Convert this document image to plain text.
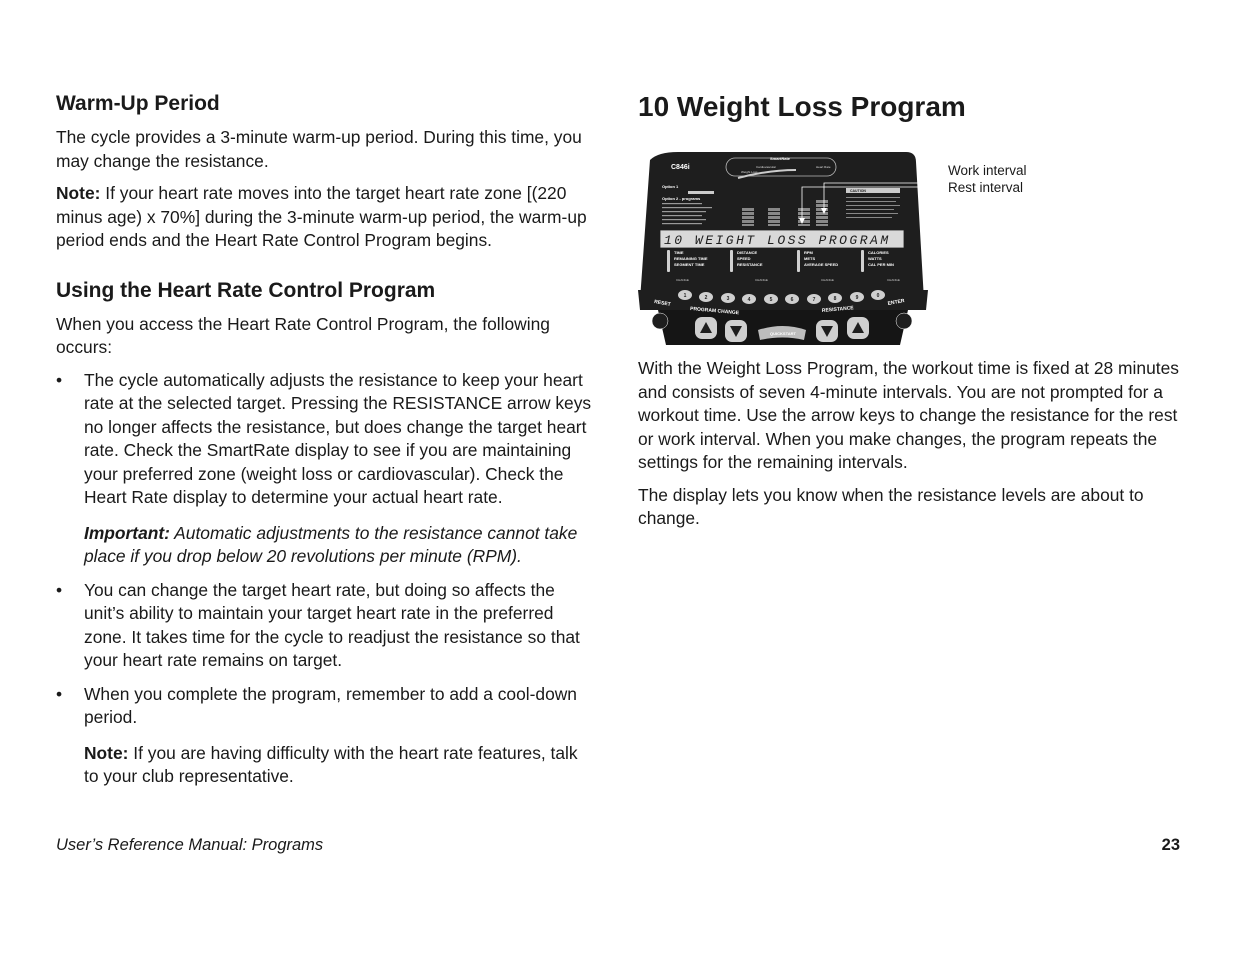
Warm-Up Period

The cycle provides a 3-minute warm-up period. During this time, you may change the resistance.

Note: If your heart rate moves into the target heart rate zone [(220 minus age) x 70%] during the 3-minute warm-up period, the warm-up period ends and the Heart Rate Control Program begins.

Using the Heart Rate Control Program

When you access the Heart Rate Control Program, the following occurs:

• The cycle automatically adjusts the resistance to keep your heart rate at the selected target. Pressing the RESISTANCE arrow keys no longer affects the resistance, but does change the target heart rate. Check the SmartRate display to see if you are maintaining your preferred zone (weight loss or cardiovascular). Check the Heart Rate display to determine your actual heart rate.

Important: Automatic adjustments to the resistance cannot take place if you drop below 20 revolutions per minute (RPM).

• You can change the target heart rate, but doing so affects the unit’s ability to maintain your target heart rate in the preferred zone. It takes time for the cycle to readjust the resistance so that your heart rate remains on target.

• When you complete the program, remember to add a cool-down period.

Note: If you are having difficulty with the heart rate features, talk to your club representative.

10 Weight Loss Program
C846i
SmartRate
Cardiovascular	Heart Rate
Weight Loss
Option 1
Option 2 - programs
CAUTION
10 WEIGHT LOSS PROGRAM
TIME
REMAINING TIME
SEGMENT TIME
DISTANCE
SPEED
RESISTANCE
RPM
METS
AVERAGE SPEED
CALORIES
WATTS
CAL PER MIN
CHANGE	CHANGE	CHANGE	CHANGE
1	2	3	4	5	6	7	8	9	0
RESET
PROGRAM CHANGE	RESISTANCE
ENTER
QUICKSTART
Work interval
Rest interval

With the Weight Loss Program, the workout time is fixed at 28 minutes and consists of seven 4-minute intervals. You are not prompted for a workout time. Use the arrow keys to change the resistance for the rest or work interval. When you make changes, the program repeats the settings for the remaining intervals.

The display lets you know when the resistance levels are about to change.

User’s Reference Manual: Programs	23
